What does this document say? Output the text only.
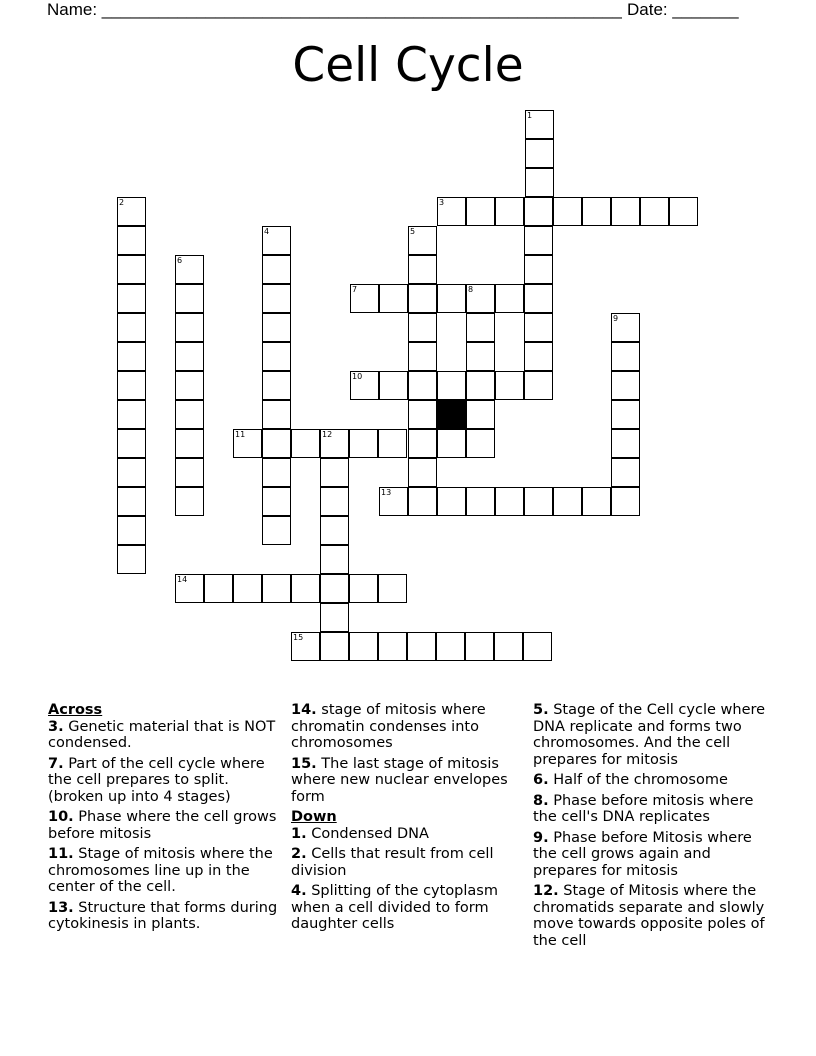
Name: _______________________________________________________ Date: _______
Cell Cycle
1
3
2
6
4	5
7	8
9
10
11	12
13
14
15
Across
3. Genetic material that is NOT condensed.
7. Part of the cell cycle where the cell prepares to split. (broken up into 4 stages)
10. Phase where the cell grows before mitosis
11. Stage of mitosis where the chromosomes line up in the center of the cell.
13. Structure that forms during cytokinesis in plants.
14. stage of mitosis where chromatin condenses into chromosomes
15. The last stage of mitosis where new nuclear envelopes form
Down
1. Condensed DNA
2. Cells that result from cell division
4. Splitting of the cytoplasm when a cell divided to form daughter cells
5. Stage of the Cell cycle where DNA replicate and forms two chromosomes. And the cell prepares for mitosis
6. Half of the chromosome
8. Phase before mitosis where the cell's DNA replicates
9. Phase before Mitosis where the cell grows again and prepares for mitosis
12. Stage of Mitosis where the chromatids separate and slowly move towards opposite poles of the cell
